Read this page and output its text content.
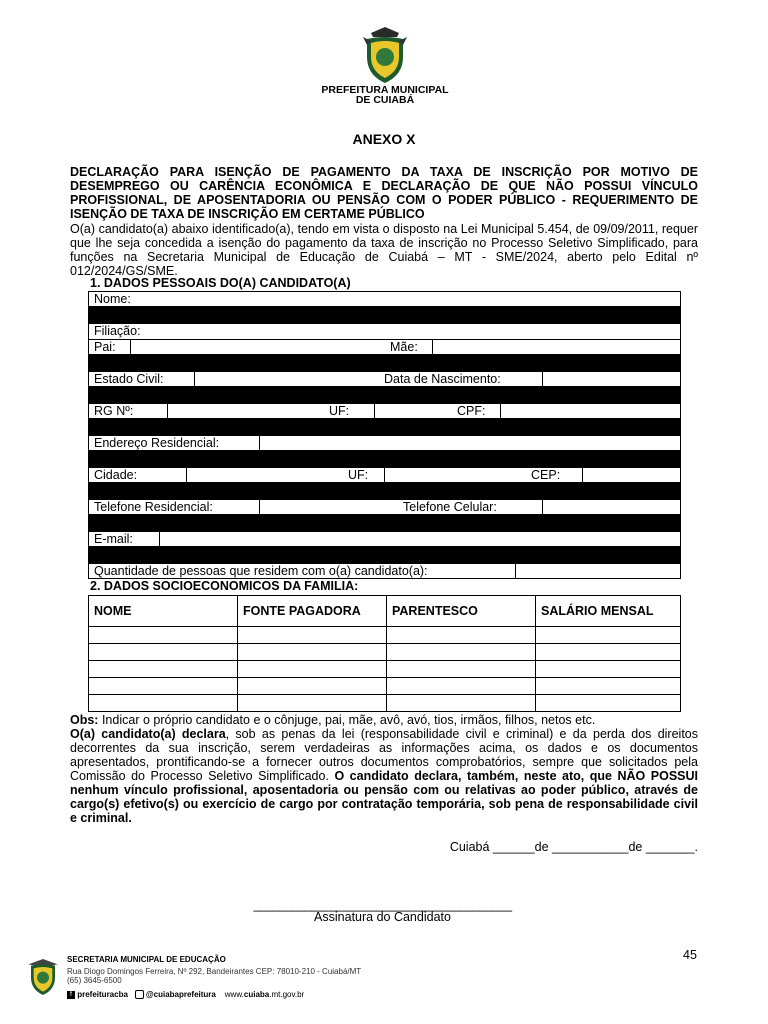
PREFEITURA MUNICIPAL
DE CUIABÁ
ANEXO X
DECLARAÇÃO PARA ISENÇÃO DE PAGAMENTO DA TAXA DE INSCRIÇÃO POR MOTIVO DE DESEMPREGO OU CARÊNCIA ECONÔMICA E DECLARAÇÃO DE QUE NÃO POSSUI VÍNCULO PROFISSIONAL, DE APOSENTADORIA OU PENSÃO COM O PODER PÚBLICO - REQUERIMENTO DE ISENÇÃO DE TAXA DE INSCRIÇÃO EM CERTAME PÚBLICO
O(a) candidato(a) abaixo identificado(a), tendo em vista o disposto na Lei Municipal 5.454, de 09/09/2011, requer que lhe seja concedida a isenção do pagamento da taxa de inscrição no Processo Seletivo Simplificado, para funções na Secretaria Municipal de Educação de Cuiabá – MT - SME/2024, aberto pelo Edital nº 012/2024/GS/SME.
1. DADOS PESSOAIS DO(A) CANDIDATO(A)
Nome:
Filiação:
Pai:	Mãe:
Estado Civil:	Data de Nascimento:
RG Nº:	UF:	CPF:
Endereço Residencial:
Cidade:	UF:	CEP:
Telefone Residencial:	Telefone Celular:
E-mail:
Quantidade de pessoas que residem com o(a) candidato(a):
2. DADOS SOCIOECONOMICOS DA FAMILIA:
NOME	FONTE PAGADORA	PARENTESCO	SALÁRIO MENSAL

Obs: Indicar o próprio candidato e o cônjuge, pai, mãe, avô, avó, tios, irmãos, filhos, netos etc.
O(a) candidato(a) declara, sob as penas da lei (responsabilidade civil e criminal) e da perda dos direitos decorrentes da sua inscrição, serem verdadeiras as informações acima, os dados e os documentos apresentados, prontificando-se a fornecer outros documentos comprobatórios, sempre que solicitados pela Comissão do Processo Seletivo Simplificado. O candidato declara, também, neste ato, que NÃO POSSUI nenhum vínculo profissional, aposentadoria ou pensão com ou relativas ao poder público, através de cargo(s) efetivo(s) ou exercício de cargo por contratação temporária, sob pena de responsabilidade civil e criminal.
Cuiabá ______de ___________de _______.
________________________________________
Assinatura do Candidato
45
SECRETARIA MUNICIPAL DE EDUCAÇÃO
Rua Diogo Domingos Ferreira, Nº 292, Bandeirantes CEP: 78010-210 - Cuiabá/MT
(65) 3645-6500
f prefeituracba @cuiabaprefeitura www.cuiaba.mt.gov.br
